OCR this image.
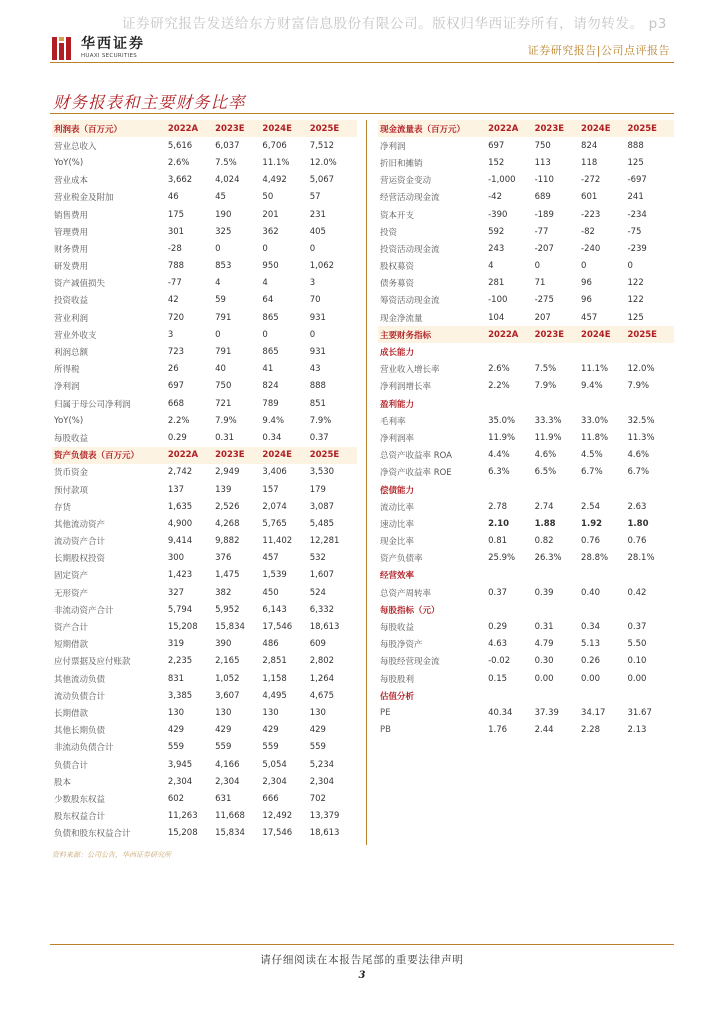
证券研究报告发送给东方财富信息股份有限公司。版权归华西证券所有，请勿转发。 p3
华西证券
HUAXI SECURITIES	证券研究报告|公司点评报告
财务报表和主要财务比率
利润表（百万元）	2022A	2023E	2024E	2025E
营业总收入	5,616	6,037	6,706	7,512
YoY(%)	2.6%	7.5%	11.1%	12.0%
营业成本	3,662	4,024	4,492	5,067
营业税金及附加	46	45	50	57
销售费用	175	190	201	231
管理费用	301	325	362	405
财务费用	-28	0	0	0
研发费用	788	853	950	1,062
资产减值损失	-77	4	4	3
投资收益	42	59	64	70
营业利润	720	791	865	931
营业外收支	3	0	0	0
利润总额	723	791	865	931
所得税	26	40	41	43
净利润	697	750	824	888
归属于母公司净利润	668	721	789	851
YoY(%)	2.2%	7.9%	9.4%	7.9%
每股收益	0.29	0.31	0.34	0.37
资产负债表（百万元）	2022A	2023E	2024E	2025E
货币资金	2,742	2,949	3,406	3,530
预付款项	137	139	157	179
存货	1,635	2,526	2,074	3,087
其他流动资产	4,900	4,268	5,765	5,485
流动资产合计	9,414	9,882	11,402	12,281
长期股权投资	300	376	457	532
固定资产	1,423	1,475	1,539	1,607
无形资产	327	382	450	524
非流动资产合计	5,794	5,952	6,143	6,332
资产合计	15,208	15,834	17,546	18,613
短期借款	319	390	486	609
应付票据及应付账款	2,235	2,165	2,851	2,802
其他流动负债	831	1,052	1,158	1,264
流动负债合计	3,385	3,607	4,495	4,675
长期借款	130	130	130	130
其他长期负债	429	429	429	429
非流动负债合计	559	559	559	559
负债合计	3,945	4,166	5,054	5,234
股本	2,304	2,304	2,304	2,304
少数股东权益	602	631	666	702
股东权益合计	11,263	11,668	12,492	13,379
负债和股东权益合计	15,208	15,834	17,546	18,613
现金流量表（百万元）	2022A	2023E	2024E	2025E
净利润	697	750	824	888
折旧和摊销	152	113	118	125
营运资金变动	-1,000	-110	-272	-697
经营活动现金流	-42	689	601	241
资本开支	-390	-189	-223	-234
投资	592	-77	-82	-75
投资活动现金流	243	-207	-240	-239
股权募资	4	0	0	0
债务募资	281	71	96	122
筹资活动现金流	-100	-275	96	122
现金净流量	104	207	457	125
主要财务指标	2022A	2023E	2024E	2025E
成长能力
营业收入增长率	2.6%	7.5%	11.1%	12.0%
净利润增长率	2.2%	7.9%	9.4%	7.9%
盈利能力
毛利率	35.0%	33.3%	33.0%	32.5%
净利润率	11.9%	11.9%	11.8%	11.3%
总资产收益率 ROA	4.4%	4.6%	4.5%	4.6%
净资产收益率 ROE	6.3%	6.5%	6.7%	6.7%
偿债能力
流动比率	2.78	2.74	2.54	2.63
速动比率	2.10	1.88	1.92	1.80
现金比率	0.81	0.82	0.76	0.76
资产负债率	25.9%	26.3%	28.8%	28.1%
经营效率
总资产周转率	0.37	0.39	0.40	0.42
每股指标（元）
每股收益	0.29	0.31	0.34	0.37
每股净资产	4.63	4.79	5.13	5.50
每股经营现金流	-0.02	0.30	0.26	0.10
每股股利	0.15	0.00	0.00	0.00
估值分析
PE	40.34	37.39	34.17	31.67
PB	1.76	2.44	2.28	2.13
资料来源：公司公告，华西证券研究所
请仔细阅读在本报告尾部的重要法律声明
3
